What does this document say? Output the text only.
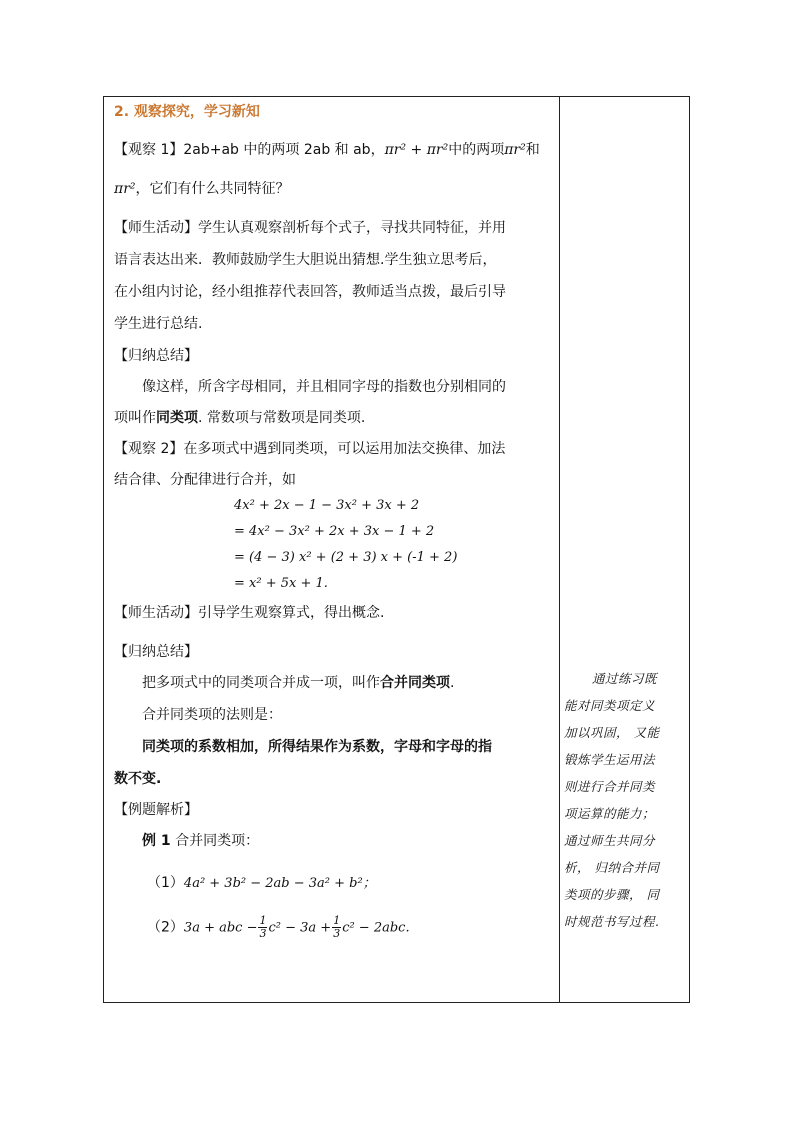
2. 观察探究，学习新知
【观察 1】2ab+ab 中的两项 2ab 和 ab，πr² + πr²中的两项πr²和
πr²，它们有什么共同特征？
【师生活动】学生认真观察剖析每个式子，寻找共同特征，并用
语言表达出来．教师鼓励学生大胆说出猜想.学生独立思考后，
在小组内讨论，经小组推荐代表回答，教师适当点拨，最后引导
学生进行总结.
【归纳总结】
像这样，所含字母相同，并且相同字母的指数也分别相同的
项叫作同类项. 常数项与常数项是同类项.
【观察 2】在多项式中遇到同类项，可以运用加法交换律、加法
结合律、分配律进行合并，如
4x² + 2x − 1 − 3x² + 3x + 2
= 4x² − 3x² + 2x + 3x − 1 + 2
= (4 − 3) x² + (2 + 3) x + (-1 + 2)
= x² + 5x + 1.
【师生活动】引导学生观察算式，得出概念.
【归纳总结】
把多项式中的同类项合并成一项，叫作合并同类项.
合并同类项的法则是：
同类项的系数相加，所得结果作为系数，字母和字母的指
数不变.
【例题解析】
例 1 合并同类项：
（1）4a² + 3b² − 2ab − 3a² + b²；
（2）3a + abc − $\frac{1}{3} c^2 - 3a + \frac{1}{3} c^2 - 2abc$.
通过练习既
能对同类项定义
加以巩固， 又能
锻炼学生运用法
则进行合并同类
项运算的能力；
通过师生共同分
析， 归纳合并同
类项的步骤， 同
时规范书写过程.
